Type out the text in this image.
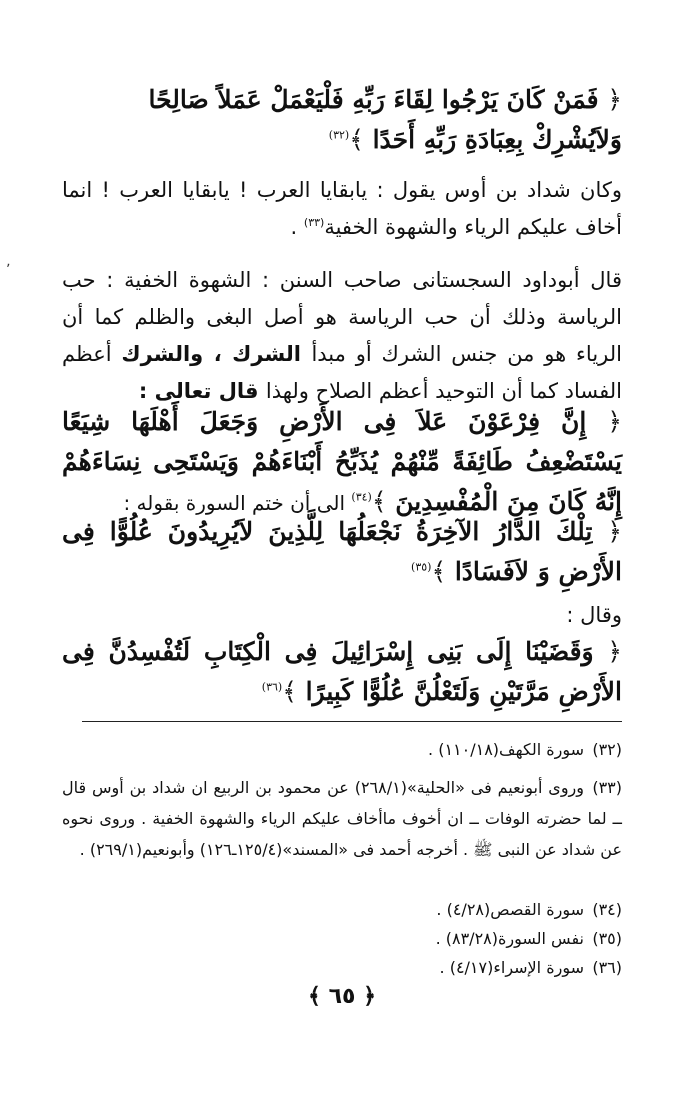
﴿ فَمَنْ كَانَ يَرْجُوا لِقَاءَ رَبِّهِ فَلْيَعْمَلْ عَمَلاً صَالِحًا
وَلاَيُشْرِكْ بِعِبَادَةِ رَبِّهِ أَحَدًا ﴾$^{(٣٢)}$
وكان شداد بن أوس يقول : يابقايا العرب ! يابقايا العرب ! انما أخاف عليكم الرياء والشهوة الخفية$^{(٣٣)}$ .
قال أبوداود السجستانى صاحب السنن : الشهوة الخفية : حب الرياسة وذلك أن حب الرياسة هو أصل البغى والظلم كما أن الرياء هو من جنس الشرك أو مبدأ الشرك ، والشرك أعظم الفساد كما أن التوحيد أعظم الصلاح ولهذا قال تعالى :
﴿ إِنَّ فِرْعَوْنَ عَلاَ فِى الأَرْضِ وَجَعَلَ أَهْلَهَا شِيَعًا يَسْتَضْعِفُ طَائِفَةً مِّنْهُمْ يُذَبِّحُ أَبْنَاءَهُمْ وَيَسْتَحِى نِسَاءَهُمْ إِنَّهُ كَانَ مِنَ الْمُفْسِدِينَ ﴾$^{(٣٤)}$ الى أن ختم السورة بقوله :
﴿ تِلْكَ الدَّارُ الآخِرَةُ نَجْعَلُهَا لِلَّذِينَ لاَيُرِيدُونَ عُلُوًّا فِى الأَرْضِ وَ لاَفَسَادًا ﴾$^{(٣٥)}$
وقال :
﴿ وَقَضَيْنَا إِلَى بَنِى إِسْرَائِيلَ فِى الْكِتَابِ لَتُفْسِدُنَّ فِى الأَرْضِ مَرَّتَيْنِ وَلَتَعْلُنَّ عُلُوًّا كَبِيرًا ﴾$^{(٣٦)}$
(٣٢)سورة الكهف(١١٠/١٨) .
(٣٣)وروى أبونعيم فى «الحلية»(٢٦٨/١) عن محمود بن الربيع ان شداد بن أوس قال ــ لما حضرته الوفات ــ ان أخوف ماأخاف عليكم الرياء والشهوة الخفية . وروى نحوه عن شداد عن النبى ﷺ . أخرجه أحمد فى «المسند»(١٢٥/٤ـ١٢٦) وأبونعيم(٢٦٩/١) .
(٣٤)سورة القصص(٤/٢٨) .
(٣٥)نفس السورة(٨٣/٢٨) .
(٣٦)سورة الإسراء(٤/١٧) .
﴿ ٦٥ ﴾
ʼ
